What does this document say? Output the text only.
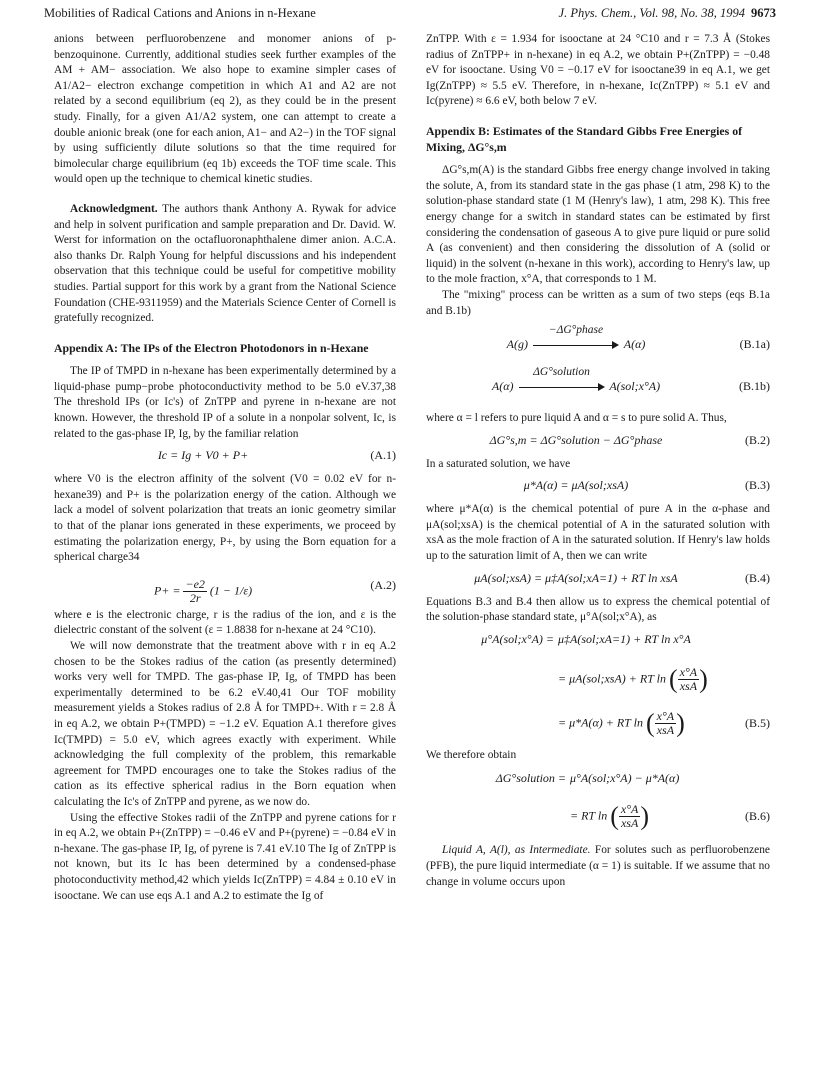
Mobilities of Radical Cations and Anions in n-Hexane	J. Phys. Chem., Vol. 98, No. 38, 1994 9673

anions between perfluorobenzene and monomer anions of p-benzoquinone. Currently, additional studies seek further examples of the AM + AM− association. We also hope to examine simpler cases of A1/A2− electron exchange competition in which A1 and A2 are not related by a second equilibrium (eq 2), as they could be in the present study. Finally, for a given A1/A2 system, one can attempt to create a double anionic break (one for each anion, A1− and A2−) in the TOF signal by using sufficiently dilute solutions so that the time required for bimolecular charge equilibrium (eq 1b) exceeds the TOF time scale. This would open up the technique to chemical kinetic studies.

Acknowledgment. The authors thank Anthony A. Rywak for advice and help in solvent purification and sample preparation and Dr. David. W. Werst for information on the octafluoronaphthalene dimer anion. A.C.A. also thanks Dr. Ralph Young for helpful discussions and his independent observation that this technique could be useful for competitive mobility studies. Partial support for this work by a grant from the National Science Foundation (CHE-9311959) and the Materials Science Center of Cornell is gratefully recognized.

Appendix A: The IPs of the Electron Photodonors in n-Hexane

The IP of TMPD in n-hexane has been experimentally determined by a liquid-phase pump−probe photoconductivity method to be 5.0 eV.37,38 The threshold IPs (or Ic's) of ZnTPP and pyrene in n-hexane are not known. However, the threshold IP of a solute in a nonpolar solvent, Ic, is related to the gas-phase IP, Ig, by the familiar relation

Ic = Ig + V0 + P+	(A.1)

where V0 is the electron affinity of the solvent (V0 = 0.02 eV for n-hexane39) and P+ is the polarization energy of the cation. Although we lack a model of solvent polarization that treats an ionic geometry similar to that of the planar ions generated in these experiments, we proceed by estimating the polarization energy, P+, by using the Born equation for a spherical charge34

$P+ = \frac{-e2}{2r} (1 - 1/\varepsilon)$	(A.2)

where e is the electronic charge, r is the radius of the ion, and ε is the dielectric constant of the solvent (ε = 1.8838 for n-hexane at 24 °C10).

We will now demonstrate that the treatment above with r in eq A.2 chosen to be the Stokes radius of the cation (as presently determined) works very well for TMPD. The gas-phase IP, Ig, of TMPD has been experimentally determined to be 6.2 eV.40,41 Our TOF mobility measurement yields a Stokes radius of 2.8 Å for TMPD+. With r = 2.8 Å in eq A.2, we obtain P+(TMPD) = −1.2 eV. Equation A.1 therefore gives Ic(TMPD) = 5.0 eV, which agrees exactly with experiment. While acknowledging the full complexity of the problem, this remarkable agreement for TMPD encourages one to take the Stokes radius of the cation as its effective spherical radius in the Born equation when calculating the Ic's of ZnTPP and pyrene, as we now do.

Using the effective Stokes radii of the ZnTPP and pyrene cations for r in eq A.2, we obtain P+(ZnTPP) = −0.46 eV and P+(pyrene) = −0.84 eV in n-hexane. The gas-phase IP, Ig, of pyrene is 7.41 eV.10 The Ig of ZnTPP is not known, but its Ic has been determined by a condensed-phase photoconductivity method,42 which yields Ic(ZnTPP) = 4.84 ± 0.10 eV in isooctane. We can use eqs A.1 and A.2 to estimate the Ig of

ZnTPP. With ε = 1.934 for isooctane at 24 °C10 and r = 7.3 Å (Stokes radius of ZnTPP+ in n-hexane) in eq A.2, we obtain P+(ZnTPP) = −0.48 eV for isooctane. Using V0 = −0.17 eV for isooctane39 in eq A.1, we get Ig(ZnTPP) ≈ 5.5 eV. Therefore, in n-hexane, Ic(ZnTPP) ≈ 5.1 eV and Ic(pyrene) ≈ 6.6 eV, both below 7 eV.

Appendix B: Estimates of the Standard Gibbs Free Energies of Mixing, ΔG°s,m

ΔG°s,m(A) is the standard Gibbs free energy change involved in taking the solute, A, from its standard state in the gas phase (1 atm, 298 K) to the solution-phase standard state (1 M (Henry's law), 1 atm, 298 K). This free energy change for a switch in standard states can be estimated by first considering the condensation of gaseous A to give pure liquid or pure solid A (as convenient) and then considering the dissolution of A (solid or liquid) in the solvent (n-hexane in this work), according to Henry's law, up to the mole fraction, x°A, that corresponds to 1 M.

The "mixing" process can be written as a sum of two steps (eqs B.1a and B.1b)

A(g)
−ΔG°phase
A(α)	(B.1a)
A(α)
ΔG°solution
A(sol;x°A)	(B.1b)

where α = l refers to pure liquid A and α = s to pure solid A. Thus,

ΔG°s,m = ΔG°solution − ΔG°phase	(B.2)

In a saturated solution, we have

μ*A(α) = μA(sol;xsA)	(B.3)

where μ*A(α) is the chemical potential of pure A in the α-phase and μA(sol;xsA) is the chemical potential of A in the saturated solution with xsA as the mole fraction of A in the saturated solution. If Henry's law holds up to the saturation limit of A, then we can write

μA(sol;xsA) = μ‡A(sol;xA=1) + RT ln xsA	(B.4)

Equations B.3 and B.4 then allow us to express the chemical potential of the solution-phase standard state, μ°A(sol;x°A), as

μ°A(sol;x°A) = μ‡A(sol;xA=1) + RT ln x°A
= μA(sol;xsA) + RT ln ( $\frac{x^\circ A}{\text{xsA}}$ )
= μ*A(α) + RT ln ( $\frac{x^\circ A}{\text{xsA}}$ )	(B.5)

We therefore obtain

ΔG°solution = μ°A(sol;x°A) − μ*A(α)
= RT ln ( $\frac{x^\circ A}{\text{xsA}}$ )	(B.6)

Liquid A, A(l), as Intermediate. For solutes such as perfluorobenzene (PFB), the pure liquid intermediate (α = 1) is suitable. If we assume that no change in volume occurs upon
